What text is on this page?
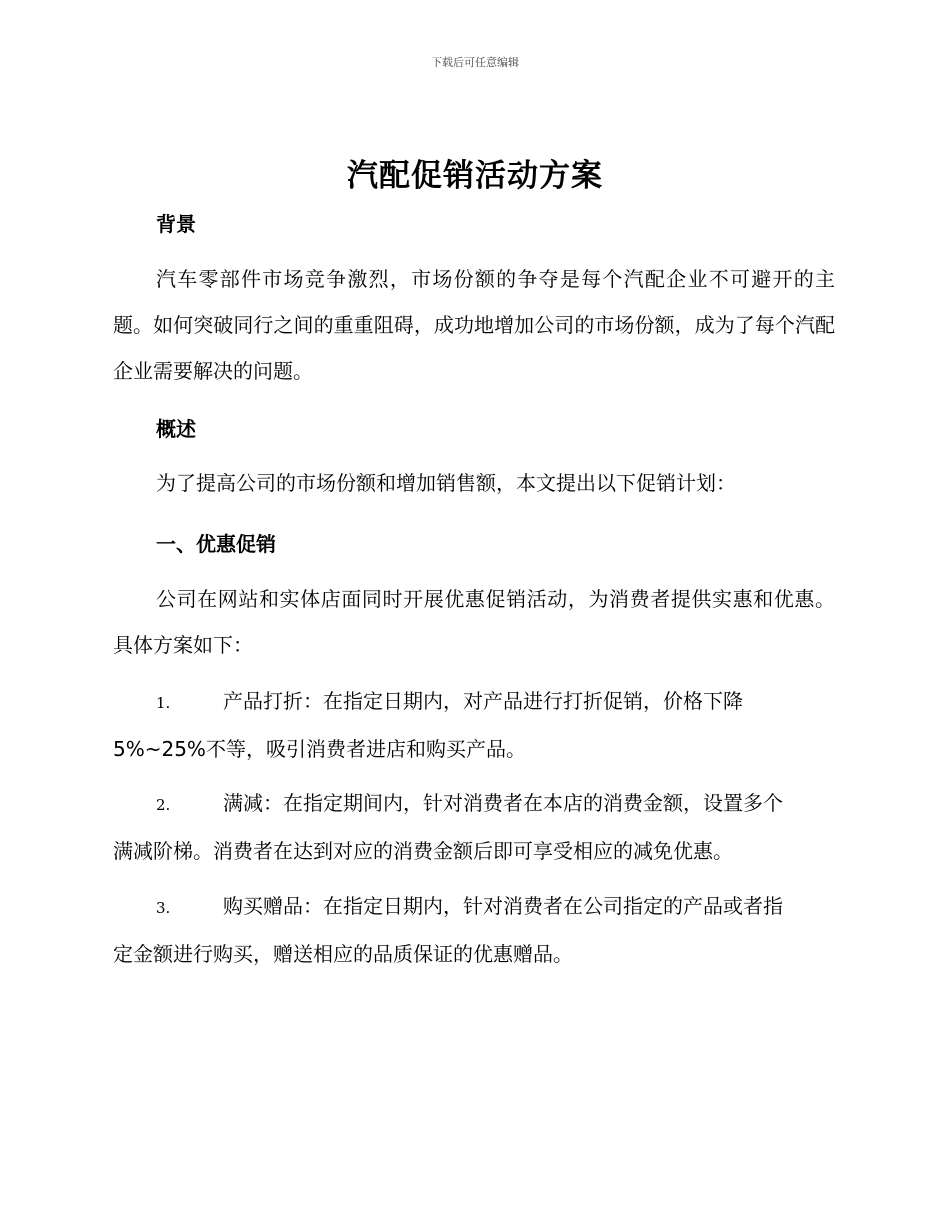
下载后可任意编辑
汽配促销活动方案
背景
汽车零部件市场竞争激烈，市场份额的争夺是每个汽配企业不可避开的主题。如何突破同行之间的重重阻碍，成功地增加公司的市场份额，成为了每个汽配企业需要解决的问题。
概述
为了提高公司的市场份额和增加销售额，本文提出以下促销计划：
一、优惠促销
公司在网站和实体店面同时开展优惠促销活动，为消费者提供实惠和优惠。具体方案如下：
1.	产品打折：在指定日期内，对产品进行打折促销，价格下降
5%~25%不等，吸引消费者进店和购买产品。
2.	满减：在指定期间内，针对消费者在本店的消费金额，设置多个
满减阶梯。消费者在达到对应的消费金额后即可享受相应的减免优惠。
3.	购买赠品：在指定日期内，针对消费者在公司指定的产品或者指
定金额进行购买，赠送相应的品质保证的优惠赠品。
